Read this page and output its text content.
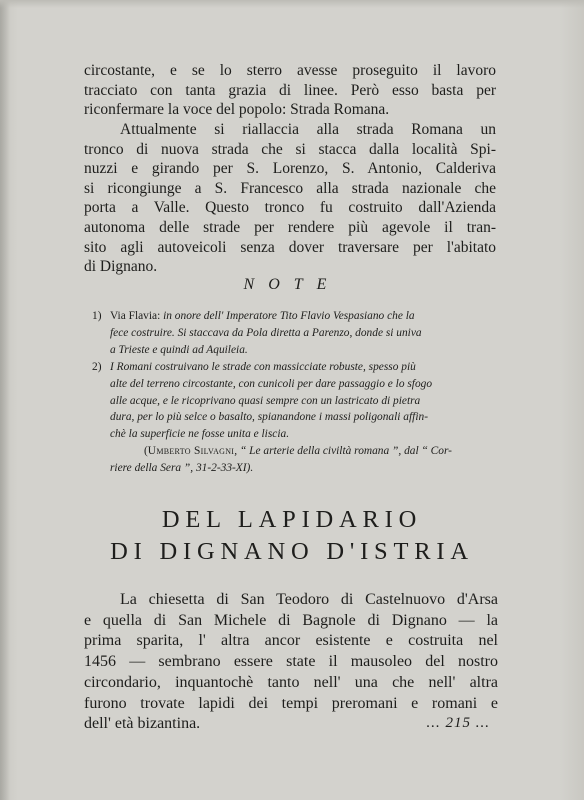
circostante, e se lo sterro avesse proseguito il lavoro
tracciato con tanta grazia di linee. Però esso basta per
riconfermare la voce del popolo: Strada Romana.
Attualmente si riallaccia alla strada Romana un
tronco di nuova strada che si stacca dalla località Spi-
nuzzi e girando per S. Lorenzo, S. Antonio, Calderiva
si ricongiunge a S. Francesco alla strada nazionale che
porta a Valle. Questo tronco fu costruito dall'Azienda
autonoma delle strade per rendere più agevole il tran-
sito agli autoveicoli senza dover traversare per l'abitato
di Dignano.
NOTE
1) Via Flavia: in onore dell' Imperatore Tito Flavio Vespasiano che la
fece costruire. Si staccava da Pola diretta a Parenzo, donde si univa
a Trieste e quindi ad Aquileia.
2) I Romani costruivano le strade con massicciate robuste, spesso più
alte del terreno circostante, con cunicoli per dare passaggio e lo sfogo
alle acque, e le ricoprivano quasi sempre con un lastricato di pietra
dura, per lo più selce o basalto, spianandone i massi poligonali affin-
chè la superficie ne fosse unita e liscia.
(Umberto Silvagni, “ Le arterie della civiltà romana ”, dal “ Cor-
riere della Sera ”, 31-2-33-XI).
DEL LAPIDARIO
DI DIGNANO D'ISTRIA
La chiesetta di San Teodoro di Castelnuovo d'Arsa
e quella di San Michele di Bagnole di Dignano — la
prima sparita, l' altra ancor esistente e costruita nel
1456 — sembrano essere state il mausoleo del nostro
circondario, inquantochè tanto nell' una che nell' altra
furono trovate lapidi dei tempi preromani e romani e
dell' età bizantina.	... 215 ...
